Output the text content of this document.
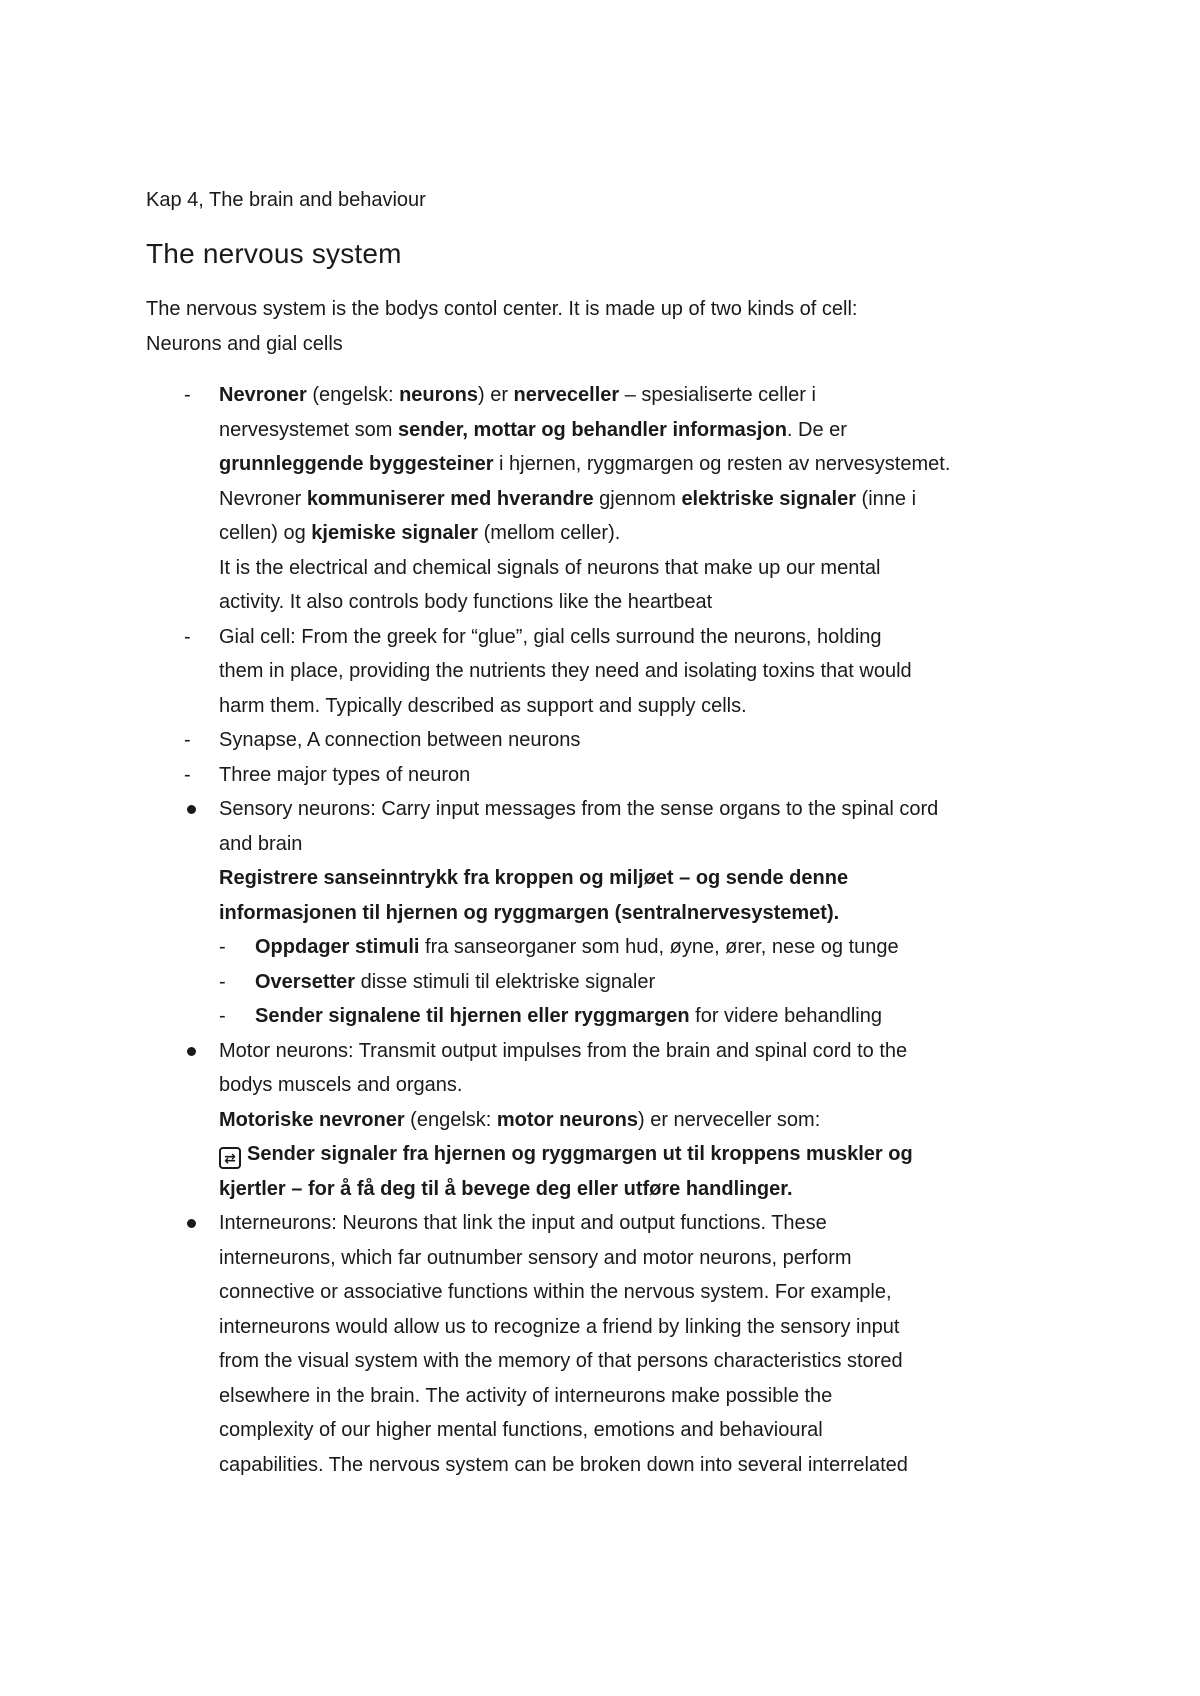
Kap 4, The brain and behaviour
The nervous system
The nervous system is the bodys contol center. It is made up of two kinds of cell:
Neurons and gial cells
-	Nevroner (engelsk: neurons) er nerveceller – spesialiserte celler i
nervesystemet som sender, mottar og behandler informasjon. De er
grunnleggende byggesteiner i hjernen, ryggmargen og resten av nervesystemet.
Nevroner kommuniserer med hverandre gjennom elektriske signaler (inne i
cellen) og kjemiske signaler (mellom celler).
It is the electrical and chemical signals of neurons that make up our mental
activity. It also controls body functions like the heartbeat
-	Gial cell: From the greek for “glue”, gial cells surround the neurons, holding
them in place, providing the nutrients they need and isolating toxins that would
harm them. Typically described as support and supply cells.
-	Synapse, A connection between neurons
-	Three major types of neuron
Sensory neurons: Carry input messages from the sense organs to the spinal cord
and brain
Registrere sanseinntrykk fra kroppen og miljøet – og sende denne
informasjonen til hjernen og ryggmargen (sentralnervesystemet).
-	Oppdager stimuli fra sanseorganer som hud, øyne, ører, nese og tunge
-	Oversetter disse stimuli til elektriske signaler
-	Sender signalene til hjernen eller ryggmargen for videre behandling
Motor neurons: Transmit output impulses from the brain and spinal cord to the
bodys muscels and organs.
Motoriske nevroner (engelsk: motor neurons) er nerveceller som:
⇄ Sender signaler fra hjernen og ryggmargen ut til kroppens muskler og
kjertler – for å få deg til å bevege deg eller utføre handlinger.
Interneurons: Neurons that link the input and output functions. These
interneurons, which far outnumber sensory and motor neurons, perform
connective or associative functions within the nervous system. For example,
interneurons would allow us to recognize a friend by linking the sensory input
from the visual system with the memory of that persons characteristics stored
elsewhere in the brain. The activity of interneurons make possible the
complexity of our higher mental functions, emotions and behavioural
capabilities. The nervous system can be broken down into several interrelated
